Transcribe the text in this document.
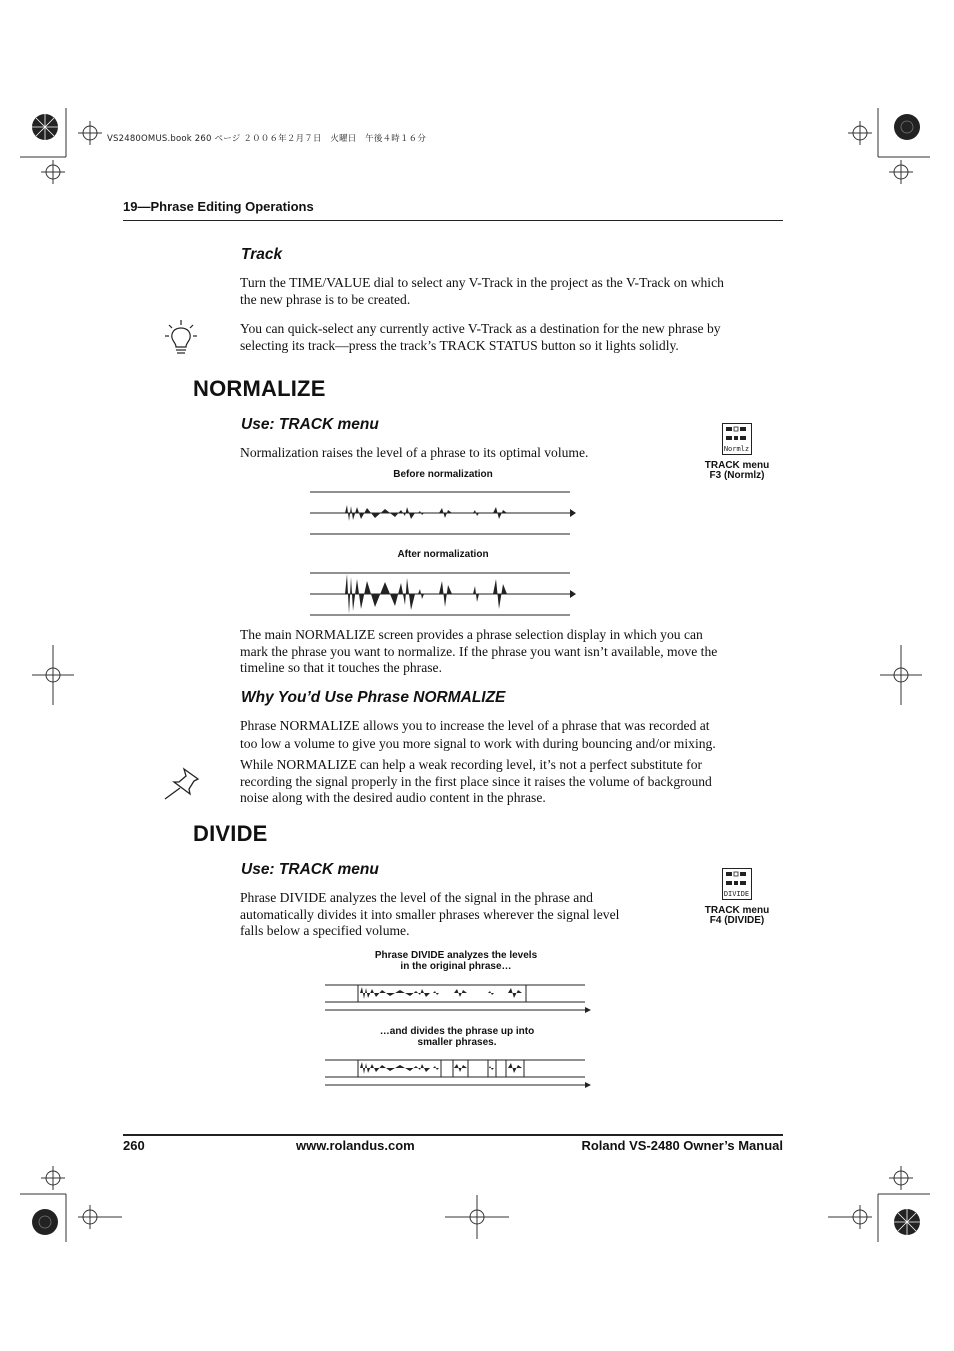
VS2480OMUS.book 260 ページ ２００６年２月７日　火曜日　午後４時１６分
19—Phrase Editing Operations
Track
Turn the TIME/VALUE dial to select any V-Track in the project as the V-Track on which
the new phrase is to be created.
You can quick-select any currently active V-Track as a destination for the new phrase by
selecting its track—press the track’s TRACK STATUS button so it lights solidly.
NORMALIZE
Use: TRACK menu
Normalization raises the level of a phrase to its optimal volume.	Normlz
TRACK menu
F3 (Normlz)
Before normalization
After normalization
The main NORMALIZE screen provides a phrase selection display in which you can
mark the phrase you want to normalize. If the phrase you want isn’t available, move the
timeline so that it touches the phrase.
Why You’d Use Phrase NORMALIZE
Phrase NORMALIZE allows you to increase the level of a phrase that was recorded at
too low a volume to give you more signal to work with during bouncing and/or mixing.
While NORMALIZE can help a weak recording level, it’s not a perfect substitute for
recording the signal properly in the first place since it raises the volume of background
noise along with the desired audio content in the phrase.
DIVIDE
Use: TRACK menu
Phrase DIVIDE analyzes the level of the signal in the phrase and
automatically divides it into smaller phrases wherever the signal level
falls below a specified volume.
DIVIDE
TRACK menu
F4 (DIVIDE)
Phrase DIVIDE analyzes the levels
in the original phrase…
…and divides the phrase up into
smaller phrases.
260	www.rolandus.com	Roland VS-2480 Owner’s Manual
